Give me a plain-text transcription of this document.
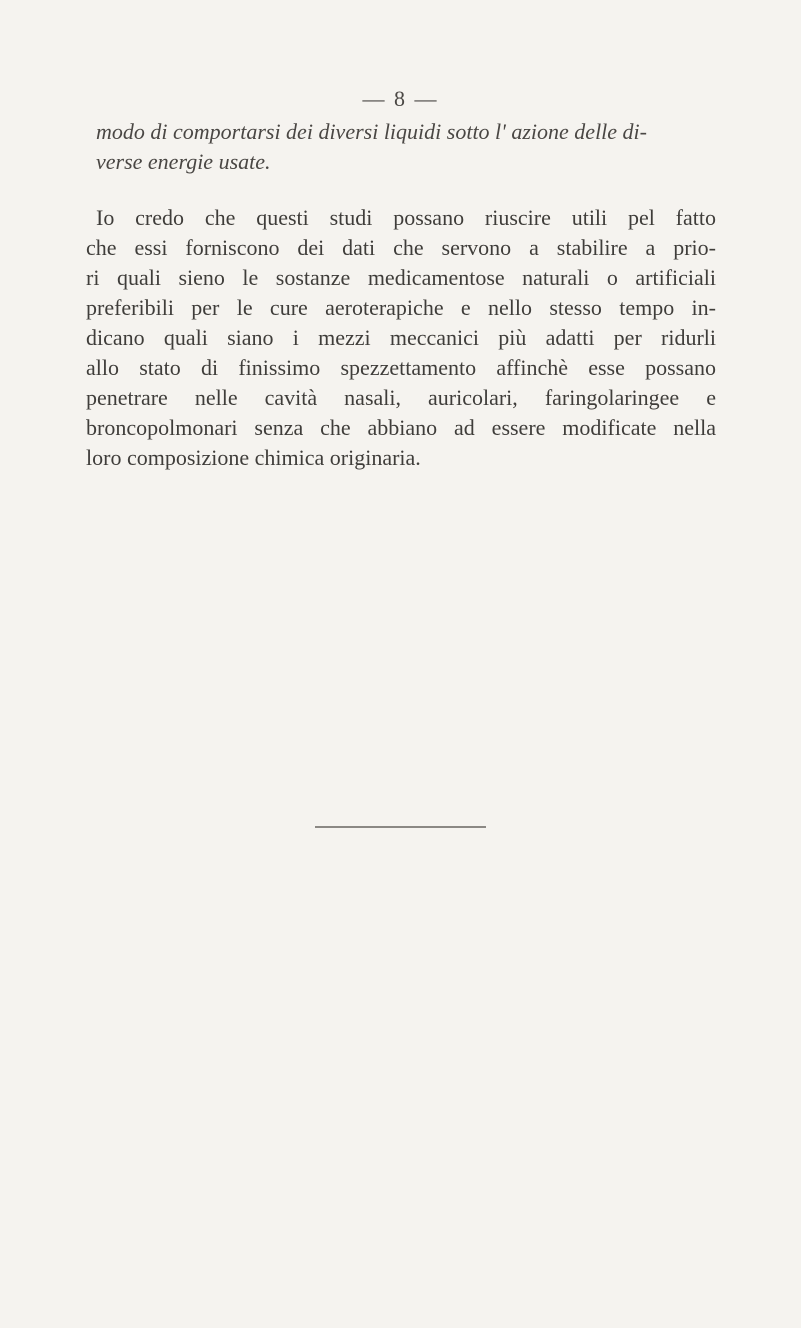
— 8 —
modo di comportarsi dei diversi liquidi sotto l' azione delle di-
verse energie usate.
Io credo che questi studi possano riuscire utili pel fatto
che essi forniscono dei dati che servono a stabilire a prio-
ri quali sieno le sostanze medicamentose naturali o artificiali
preferibili per le cure aeroterapiche e nello stesso tempo in-
dicano quali siano i mezzi meccanici più adatti per ridurli
allo stato di finissimo spezzettamento affinchè esse possano
penetrare nelle cavità nasali, auricolari, faringolaringee e
broncopolmonari senza che abbiano ad essere modificate nella
loro composizione chimica originaria.
